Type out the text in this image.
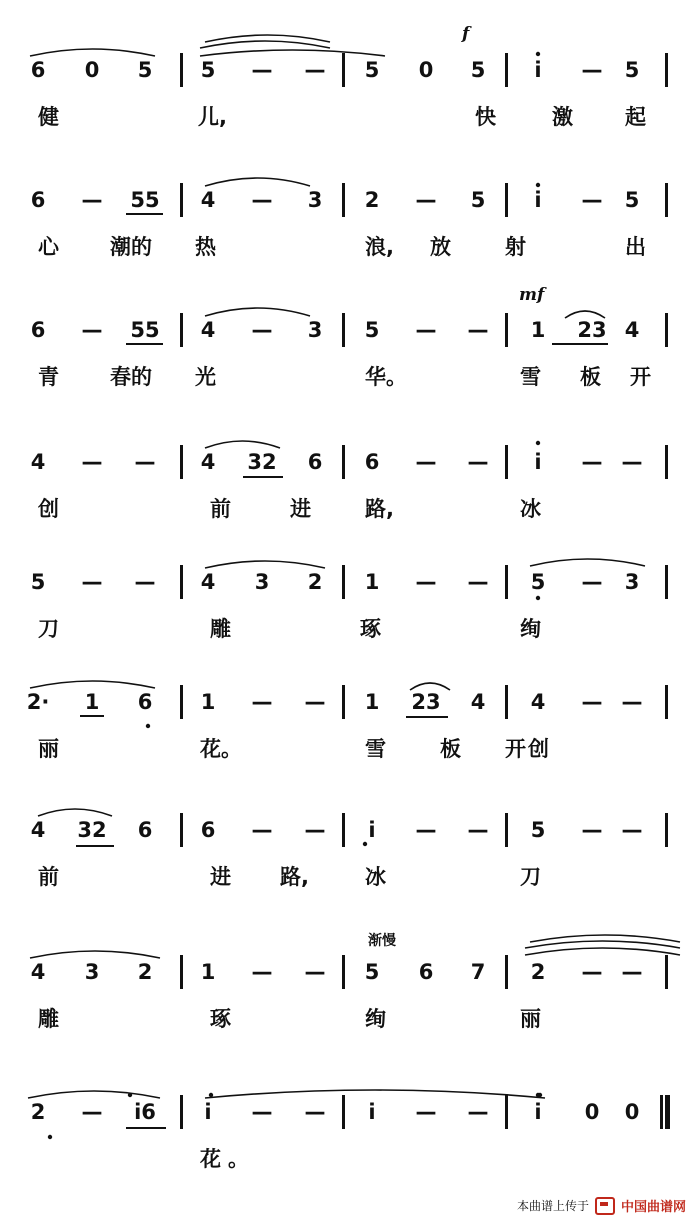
6 0 5 5 — — 5 0 5 i — 5
健	儿,	快	激 起
6 — 55 4 — 3 2 — 5 i — 5
心 潮的 热	浪, 放	射	出
6 — 55 4 — 3 5 — — 1 23 4
青 春的 光	华。	雪 板 开
4 — — 4 32 6 6 — — i — —
创	前	进	路,	冰
5 — — 4 3 2 1 — — 5 — 3
刀	雕	琢	绚
2· 1 6 1 — — 1 23 4 4 — —
丽	花。	雪	板 开 创
4 32 6 6 — — i — — 5 — —
前	进 路,	冰	刀
4 3 2 1 — — 5 6 7 2 — —
雕	琢	绚	丽
2 — i6 i — — i — — i 0 0
花 。
f
mf
渐慢
本曲谱上传于 中国曲谱网
